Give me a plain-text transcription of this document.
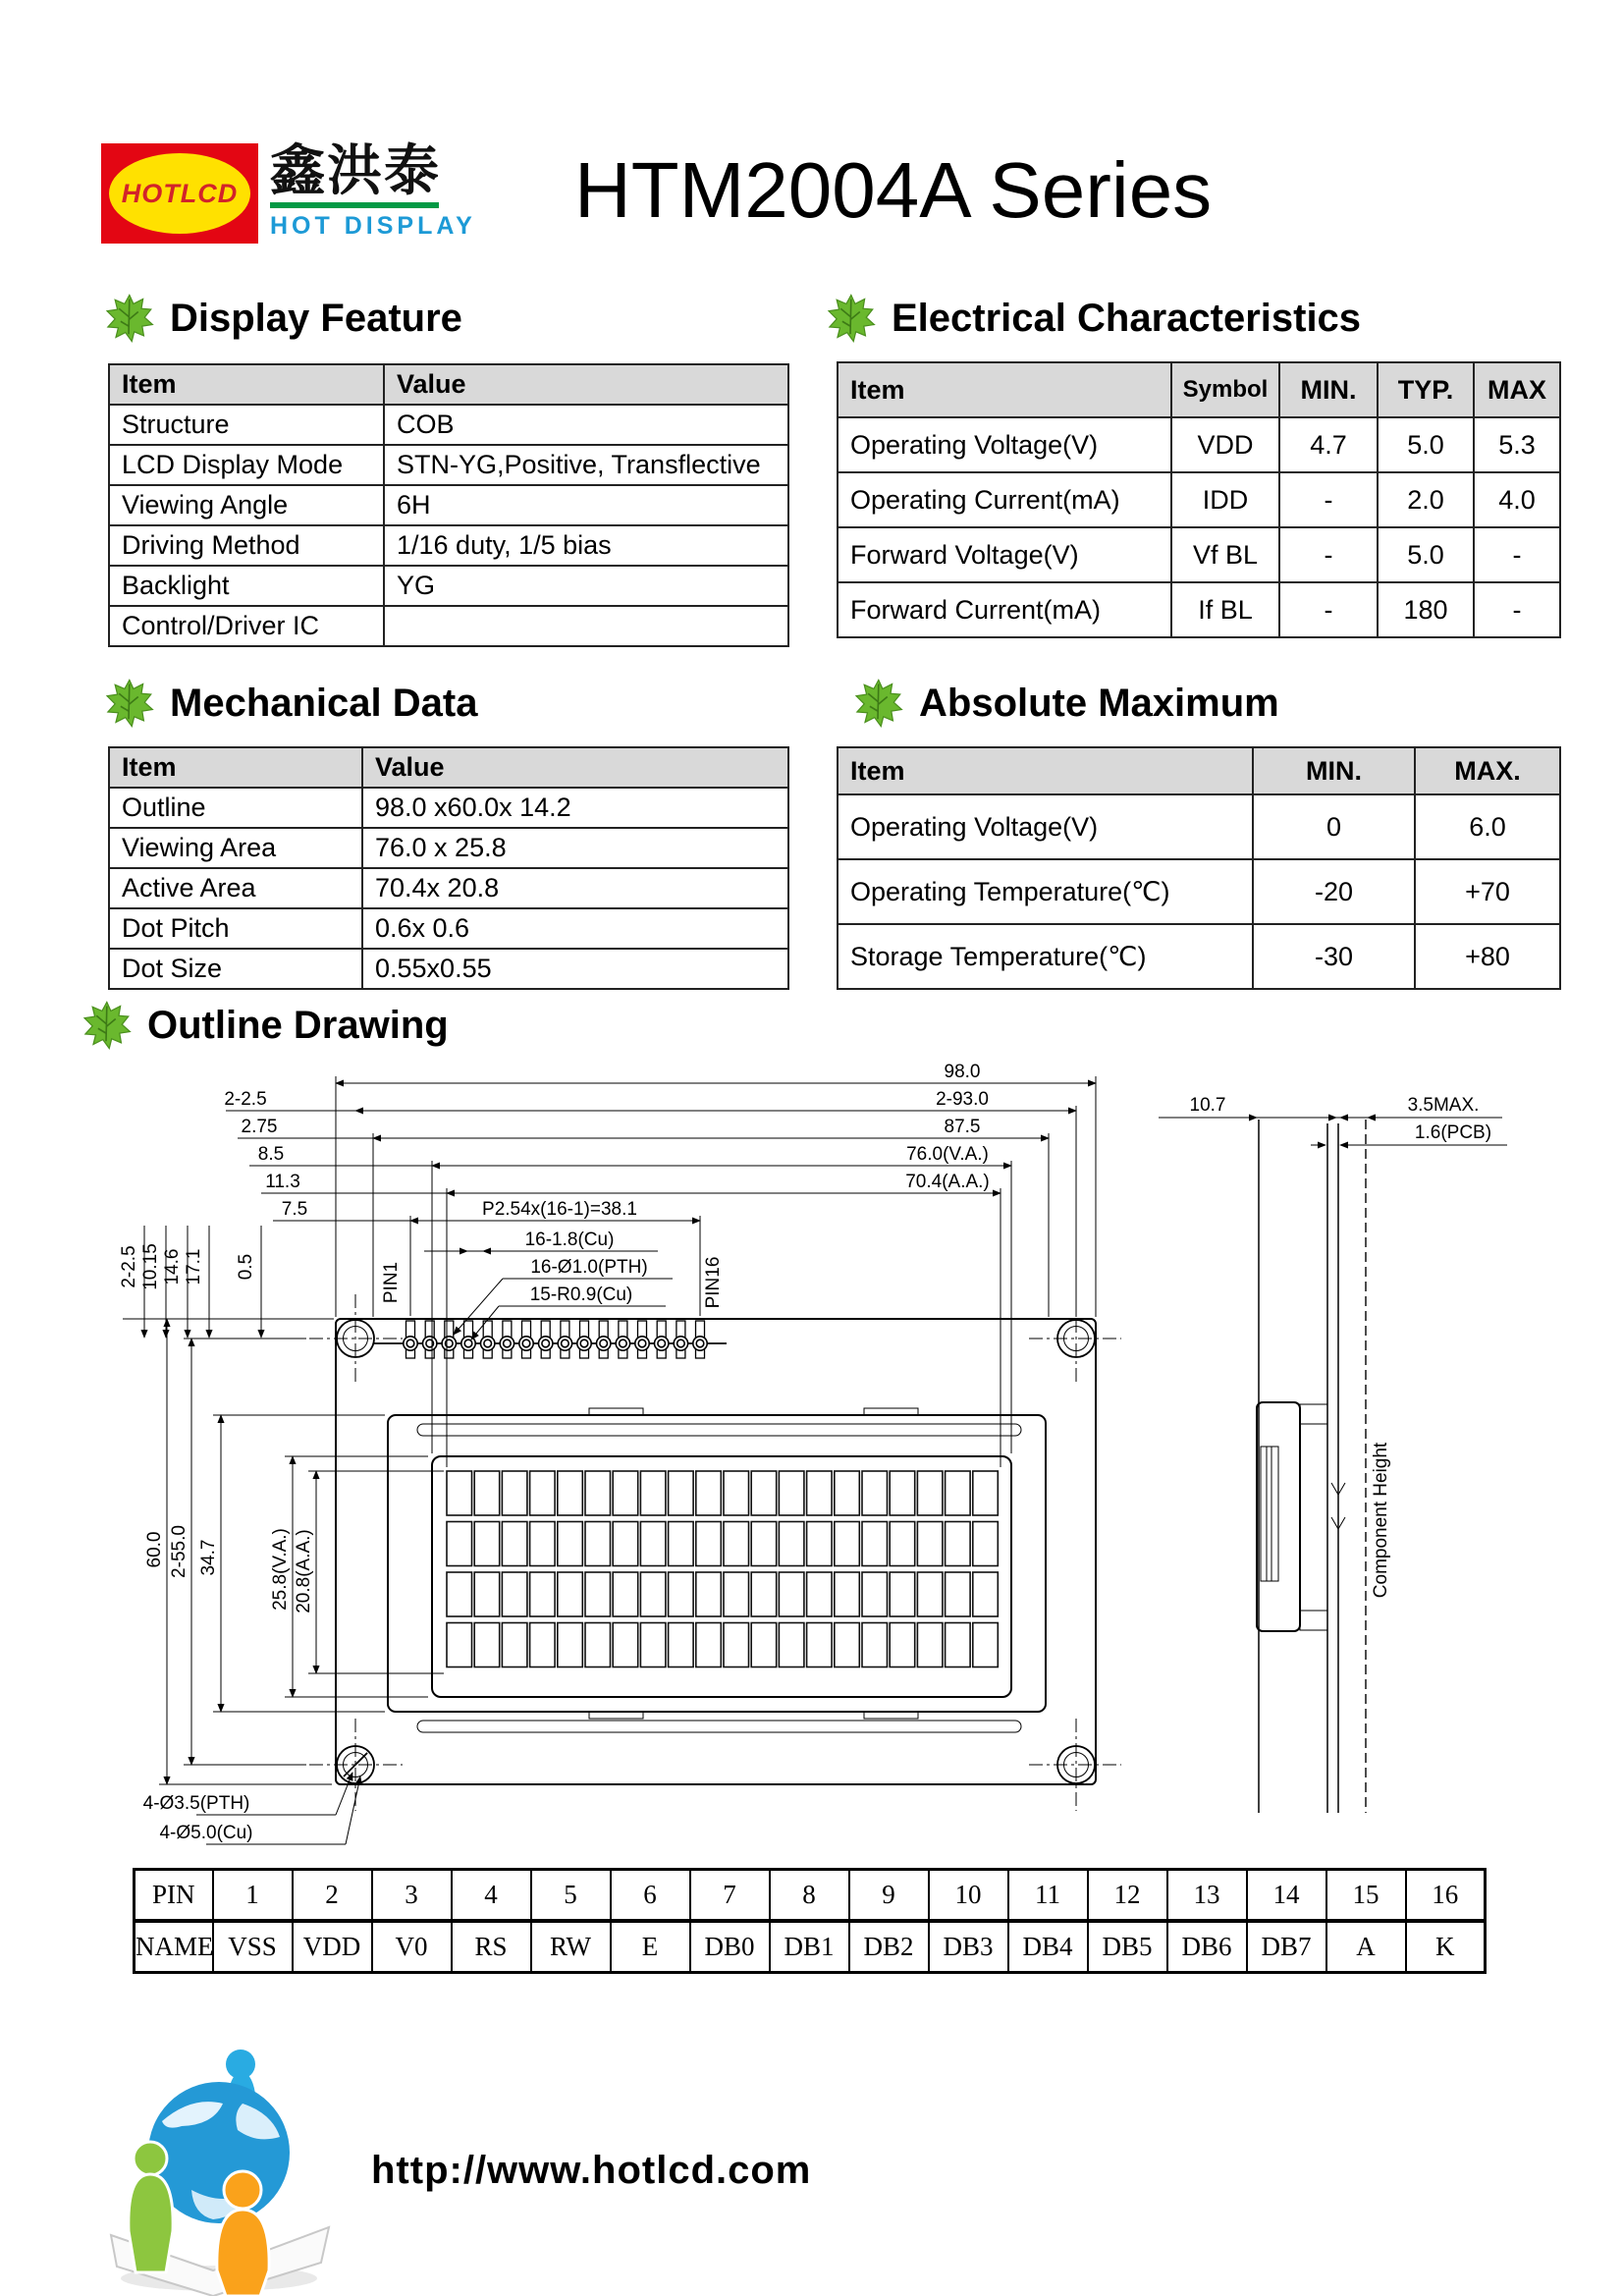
HOTLCD 鑫洪泰
HOT DISPLAY HTM2004A Series
Display Feature	Electrical Characteristics
Mechanical Data	Absolute Maximum
Outline Drawing
Item	Value
Structure	COB
LCD Display Mode	STN-YG,Positive, Transflective
Viewing Angle	6H
Driving Method	1/16 duty, 1/5 bias
Backlight	YG
Control/Driver IC	
Item	Symbol	MIN.	TYP.	MAX
Operating Voltage(V)	VDD	4.7	5.0	5.3
Operating Current(mA)	IDD	-	2.0	4.0
Forward Voltage(V)	Vf BL	-	5.0	-
Forward Current(mA)	If BL	-	180	-
Item	Value
Outline	98.0 x60.0x 14.2
Viewing Area	76.0 x 25.8
Active Area	70.4x 20.8
Dot Pitch	0.6x 0.6
Dot Size	0.55x0.55
Item	MIN.	MAX.
Operating Voltage(V)	0	6.0
Operating Temperature(℃)	-20	+70
Storage Temperature(℃)	-30	+80
PIN1	PIN16
98.0
2-93.0
87.5
76.0(V.A.)
70.4(A.A.)
P2.54x(16-1)=38.1
16-1.8(Cu)
16-Ø1.0(PTH)
15-R0.9(Cu)
2-2.5
2.75
8.5
11.3
7.5
2-2.5 10.15 14.6 17.1 0.5
60.0 2-55.0 34.7	25.8(V.A.) 20.8(A.A.)
4-Ø3.5(PTH)
4-Ø5.0(Cu)
Component Height
10.7	3.5MAX.
1.6(PCB)
PIN	1	2	3	4	5	6	7	8	9	10	11	12	13	14	15	16
NAME	VSS	VDD	V0	RS	RW	E	DB0	DB1	DB2	DB3	DB4	DB5	DB6	DB7	A	K
http://www.hotlcd.com
